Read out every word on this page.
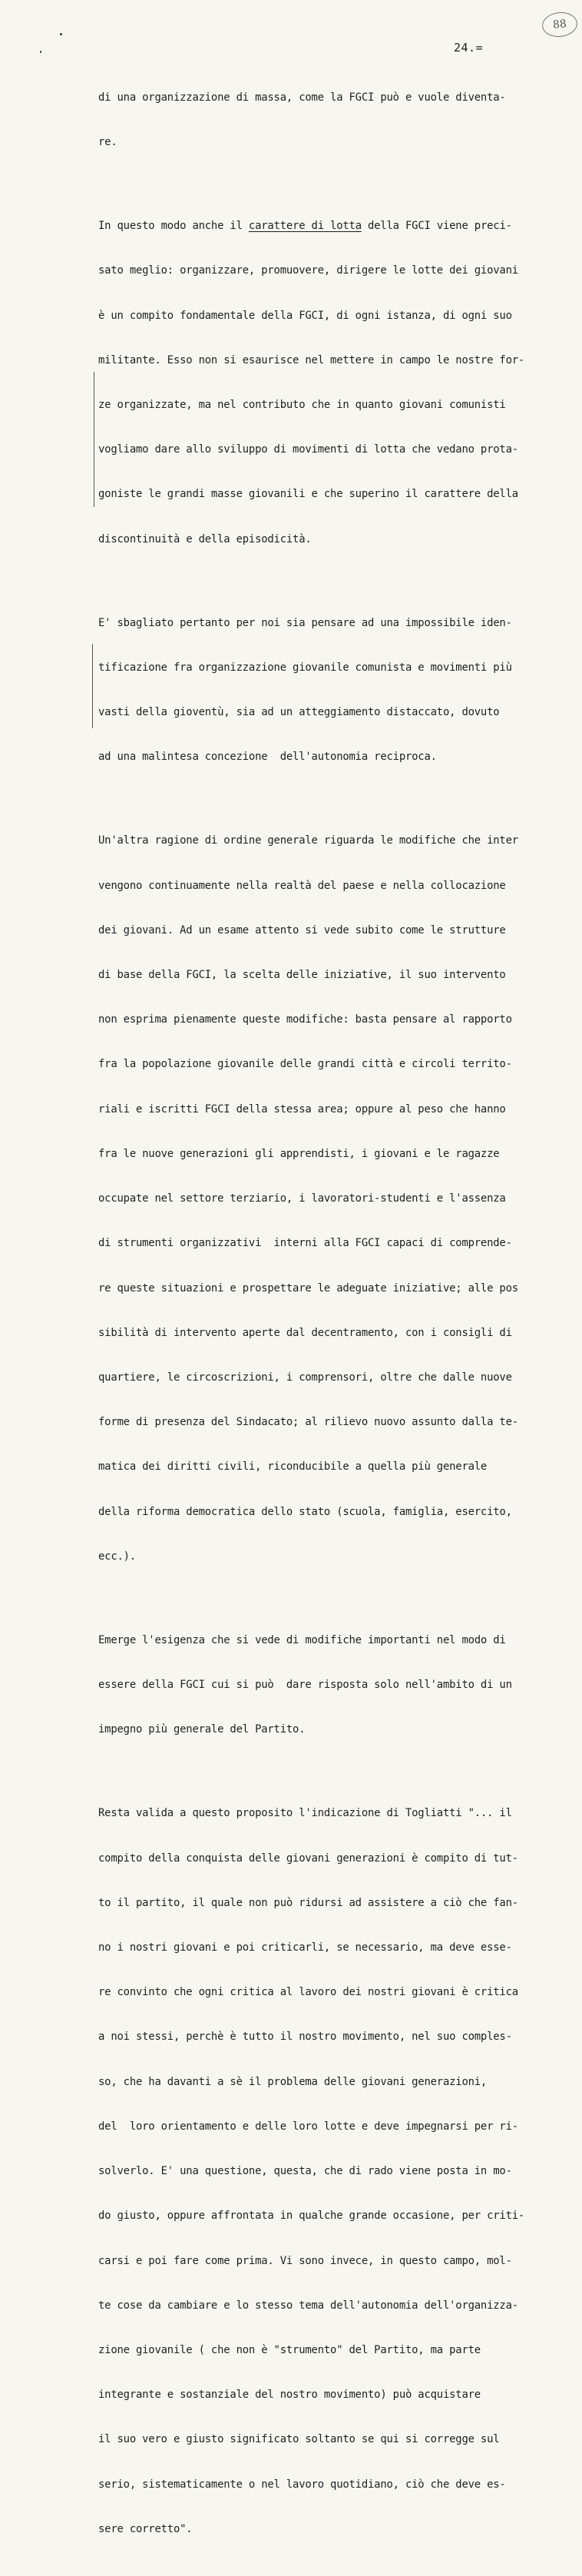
88
24.=

di una organizzazione di massa, come la FGCI può e vuole diventa-

re.

In questo modo anche il carattere di lotta della FGCI viene preci-

sato meglio: organizzare, promuovere, dirigere le lotte dei giovani

è un compito fondamentale della FGCI, di ogni istanza, di ogni suo

militante. Esso non si esaurisce nel mettere in campo le nostre for-

ze organizzate, ma nel contributo che in quanto giovani comunisti

vogliamo dare allo sviluppo di movimenti di lotta che vedano prota-

goniste le grandi masse giovanili e che superino il carattere della

discontinuità e della episodicità.

E' sbagliato pertanto per noi sia pensare ad una impossibile iden-

tificazione fra organizzazione giovanile comunista e movimenti più

vasti della gioventù, sia ad un atteggiamento distaccato, dovuto

ad una malintesa concezione  dell'autonomia reciproca.

Un'altra ragione di ordine generale riguarda le modifiche che inter

vengono continuamente nella realtà del paese e nella collocazione

dei giovani. Ad un esame attento si vede subito come le strutture

di base della FGCI, la scelta delle iniziative, il suo intervento

non esprima pienamente queste modifiche: basta pensare al rapporto

fra la popolazione giovanile delle grandi città e circoli territo-

riali e iscritti FGCI della stessa area; oppure al peso che hanno

fra le nuove generazioni gli apprendisti, i giovani e le ragazze

occupate nel settore terziario, i lavoratori-studenti e l'assenza

di strumenti organizzativi  interni alla FGCI capaci di comprende-

re queste situazioni e prospettare le adeguate iniziative; alle pos

sibilità di intervento aperte dal decentramento, con i consigli di

quartiere, le circoscrizioni, i comprensori, oltre che dalle nuove

forme di presenza del Sindacato; al rilievo nuovo assunto dalla te-

matica dei diritti civili, riconducibile a quella più generale

della riforma democratica dello stato (scuola, famiglia, esercito,

ecc.).

Emerge l'esigenza che si vede di modifiche importanti nel modo di

essere della FGCI cui si può  dare risposta solo nell'ambito di un

impegno più generale del Partito.

Resta valida a questo proposito l'indicazione di Togliatti "... il

compito della conquista delle giovani generazioni è compito di tut-

to il partito, il quale non può ridursi ad assistere a ciò che fan-

no i nostri giovani e poi criticarli, se necessario, ma deve esse-

re convinto che ogni critica al lavoro dei nostri giovani è critica

a noi stessi, perchè è tutto il nostro movimento, nel suo comples-

so, che ha davanti a sè il problema delle giovani generazioni,

del  loro orientamento e delle loro lotte e deve impegnarsi per ri-

solverlo. E' una questione, questa, che di rado viene posta in mo-

do giusto, oppure affrontata in qualche grande occasione, per criti-

carsi e poi fare come prima. Vi sono invece, in questo campo, mol-

te cose da cambiare e lo stesso tema dell'autonomia dell'organizza-

zione giovanile ( che non è "strumento" del Partito, ma parte

integrante e sostanziale del nostro movimento) può acquistare

il suo vero e giusto significato soltanto se qui si corregge sul

serio, sistematicamente o nel lavoro quotidiano, ciò che deve es-

sere corretto".
